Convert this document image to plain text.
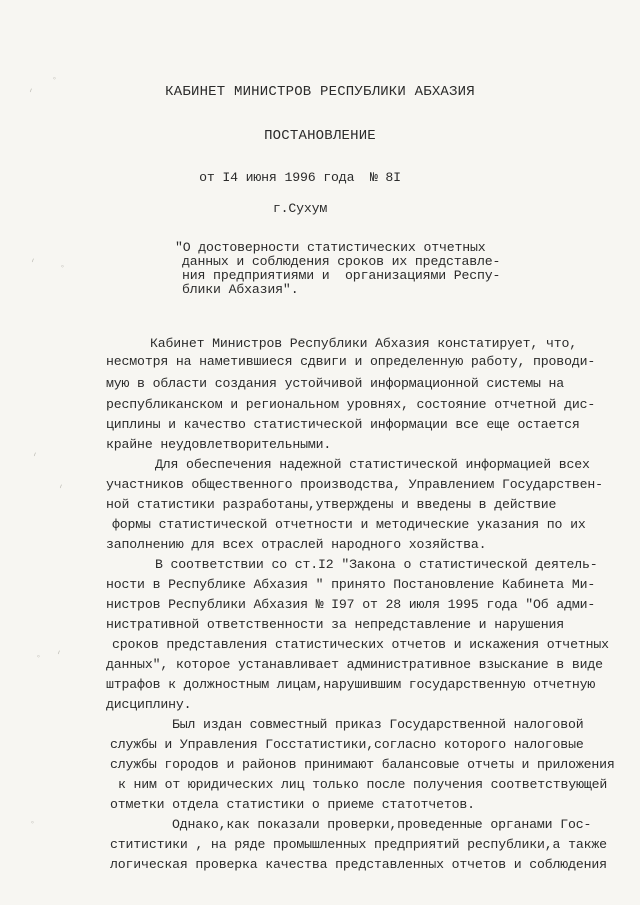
ᐟ
◦
ᐟ ◦
ᐟ
ᐟ
◦ ᐟ
◦
КАБИНЕТ МИНИСТРОВ РЕСПУБЛИКИ АБХАЗИЯ
ПОСТАНОВЛЕНИЕ
от I4 июня 1996 года  № 8I
г.Сухум
"О достоверности статистических отчетных
данных и соблюдения сроков их представле-
ния предприятиями и  организациями Респу-
блики Абхазия".
Кабинет Министров Республики Абхазия констатирует, что,
несмотря на наметившиеся сдвиги и определенную работу, проводи-
мую в области создания устойчивой информационной системы на
республиканском и региональном уровнях, состояние отчетной дис-
циплины и качество статистической информации все еще остается
крайне неудовлетворительными.
Для обеспечения надежной статистической информацией всех
участников общественного производства, Управлением Государствен-
ной статистики разработаны,утверждены и введены в действие
формы статистической отчетности и методические указания по их
заполнению для всех отраслей народного хозяйства.
В соответствии со ст.I2 "Закона о статистической деятель-
ности в Республике Абхазия " принято Постановление Кабинета Ми-
нистров Республики Абхазия № I97 от 28 июля 1995 года "Об адми-
нистративной ответственности за непредставление и нарушения
сроков представления статистических отчетов и искажения отчетных
данных", которое устанавливает административное взыскание в виде
штрафов к должностным лицам,нарушившим государственную отчетную
дисциплину.
Был издан совместный приказ Государственной налоговой
службы и Управления Госстатистики,согласно которого налоговые
службы городов и районов принимают балансовые отчеты и приложения
к ним от юридических лиц только после получения соответствующей
отметки отдела статистики о приеме статотчетов.
Однако,как показали проверки,проведенные органами Гос-
ститистики , на ряде промышленных предприятий республики,а также
логическая проверка качества представленных отчетов и соблюдения
